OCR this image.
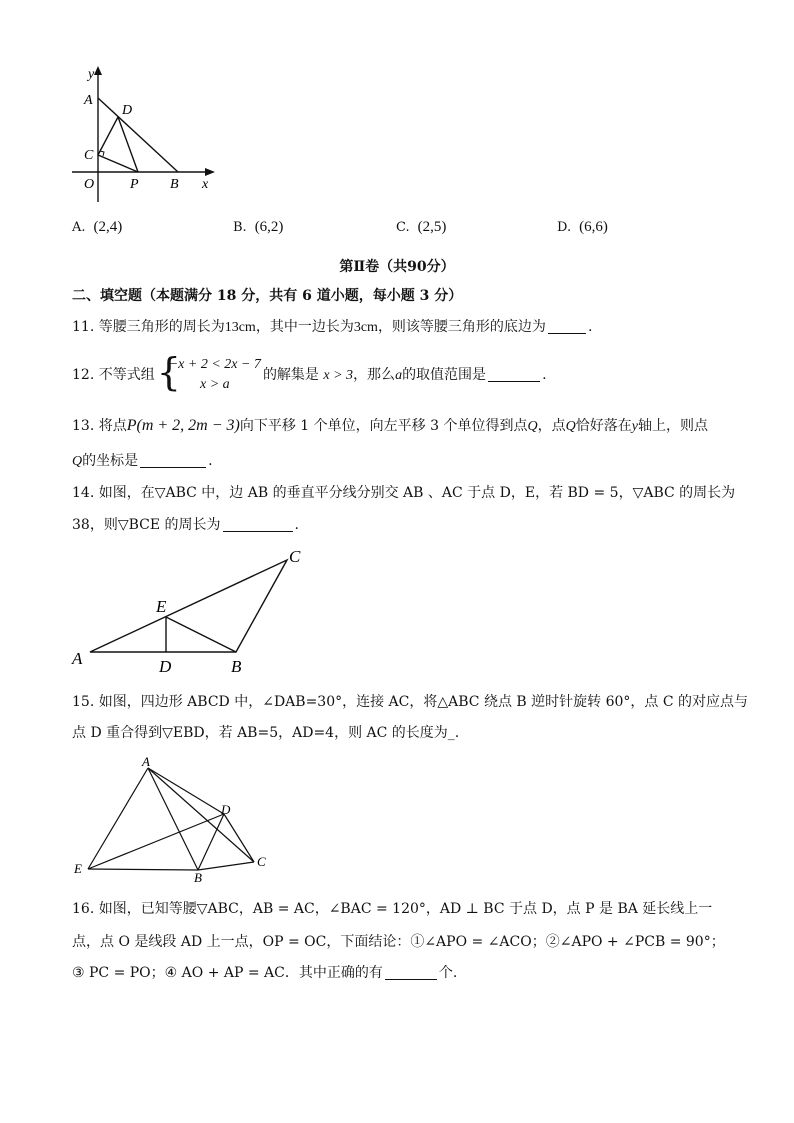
y
A
D
C
O	P B x
A. (2,4)	B. (6,2)	C. (2,5)	D. (6,6)
第Ⅱ卷（共90分）
二、填空题（本题满分 18 分，共有 6 道小题，每小题 3 分）
11. 等腰三角形的周长为13cm，其中一边长为3cm，则该等腰三角形的底边为	.
12. 不等式组 {
−x + 2 < 2x − 7
x > a
的解集是 x > 3，那么a的取值范围是	.
13. 将点P(m + 2, 2m − 3)向下平移 1 个单位，向左平移 3 个单位得到点Q，点Q恰好落在y轴上，则点
Q的坐标是	.
14. 如图，在▽ABC 中，边 AB 的垂直平分线分别交 AB 、AC 于点 D，E，若 BD = 5，▽ABC 的周长为
38，则▽BCE 的周长为	.
C
E
A	D	B
15. 如图，四边形 ABCD 中，∠DAB=30°，连接 AC，将△ABC 绕点 B 逆时针旋转 60°，点 C 的对应点与
点 D 重合得到▽EBD，若 AB=5，AD=4，则 AC 的长度为_.
A
D
C
E
B
16. 如图，已知等腰▽ABC，AB = AC，∠BAC = 120°，AD ⊥ BC 于点 D，点 P 是 BA 延长线上一
点，点 O 是线段 AD 上一点，OP = OC，下面结论：①∠APO = ∠ACO；②∠APO + ∠PCB = 90°；
③ PC = PO；④ AO + AP = AC．其中正确的有	个.
